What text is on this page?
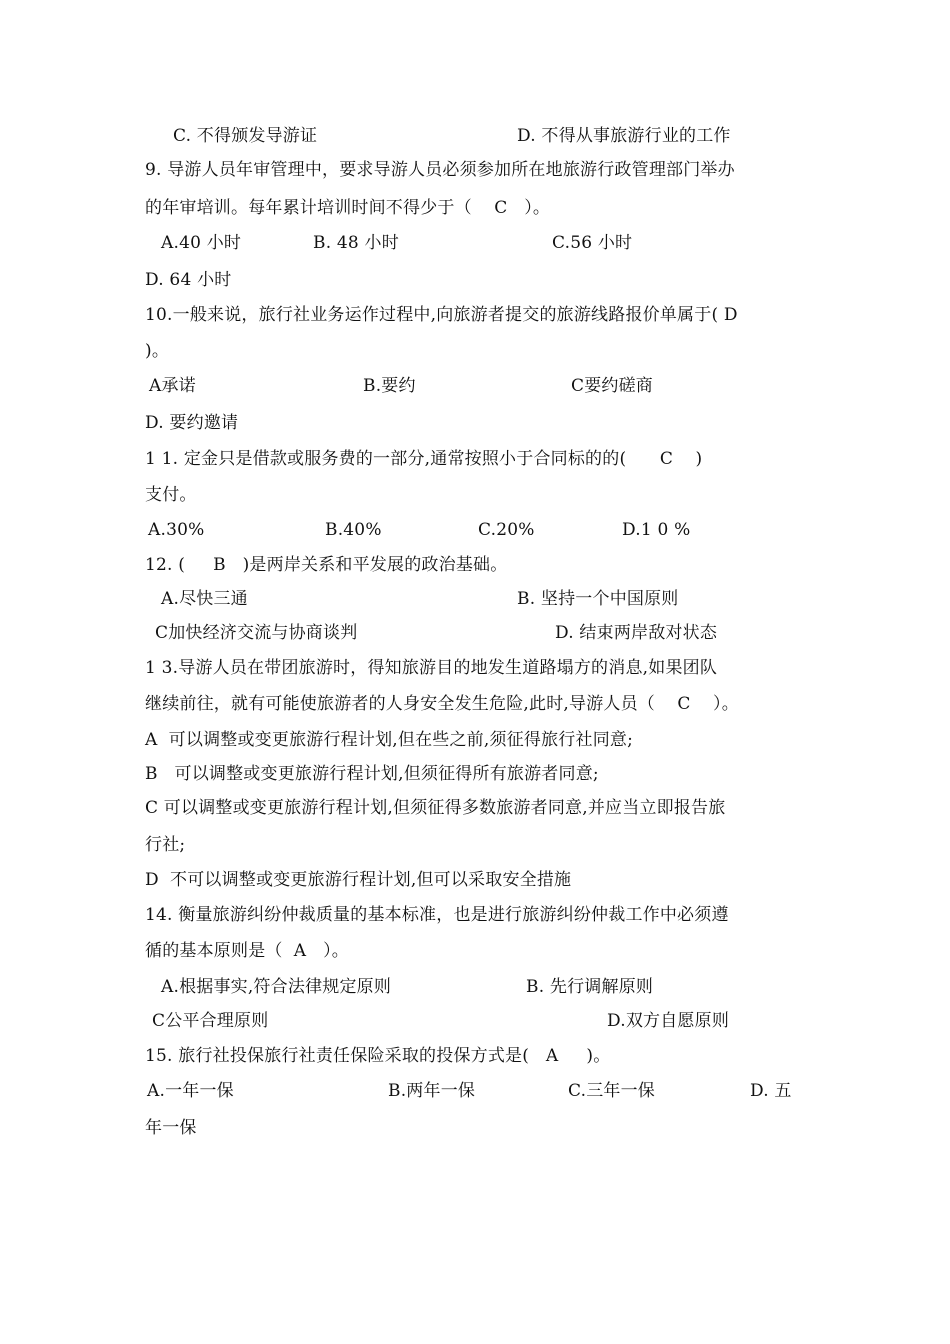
C. 不得颁发导游证	D. 不得从事旅游行业的工作
9. 导游人员年审管理中，要求导游人员必须参加所在地旅游行政管理部门举办
的年审培训。每年累计培训时间不得少于（    C   ）。
A.40 小时	B. 48 小时	C.56 小时
D. 64 小时
10.一般来说，旅行社业务运作过程中,向旅游者提交的旅游线路报价单属于( D
)。
A承诺	B.要约	C要约磋商
D. 要约邀请
1 1. 定金只是借款或服务费的一部分,通常按照小于合同标的的(      C    )
支付。
A.30%	B.40%	C.20%	D.1 0 %
12. (     B   )是两岸关系和平发展的政治基础。
A.尽快三通	B. 坚持一个中国原则
C加快经济交流与协商谈判	D. 结束两岸敌对状态
1 3.导游人员在带团旅游时，得知旅游目的地发生道路塌方的消息,如果团队
继续前往，就有可能使旅游者的人身安全发生危险,此时,导游人员（    C    ）。
A  可以调整或变更旅游行程计划,但在些之前,须征得旅行社同意;
B   可以调整或变更旅游行程计划,但须征得所有旅游者同意;
C 可以调整或变更旅游行程计划,但须征得多数旅游者同意,并应当立即报告旅
行社;
D  不可以调整或变更旅游行程计划,但可以采取安全措施
14. 衡量旅游纠纷仲裁质量的基本标准，也是进行旅游纠纷仲裁工作中必须遵
循的基本原则是（  A   ）。
A.根据事实,符合法律规定原则	B. 先行调解原则
C公平合理原则	D.双方自愿原则
15. 旅行社投保旅行社责任保险采取的投保方式是(   A     )。
A.一年一保	B.两年一保	C.三年一保	D. 五
年一保
